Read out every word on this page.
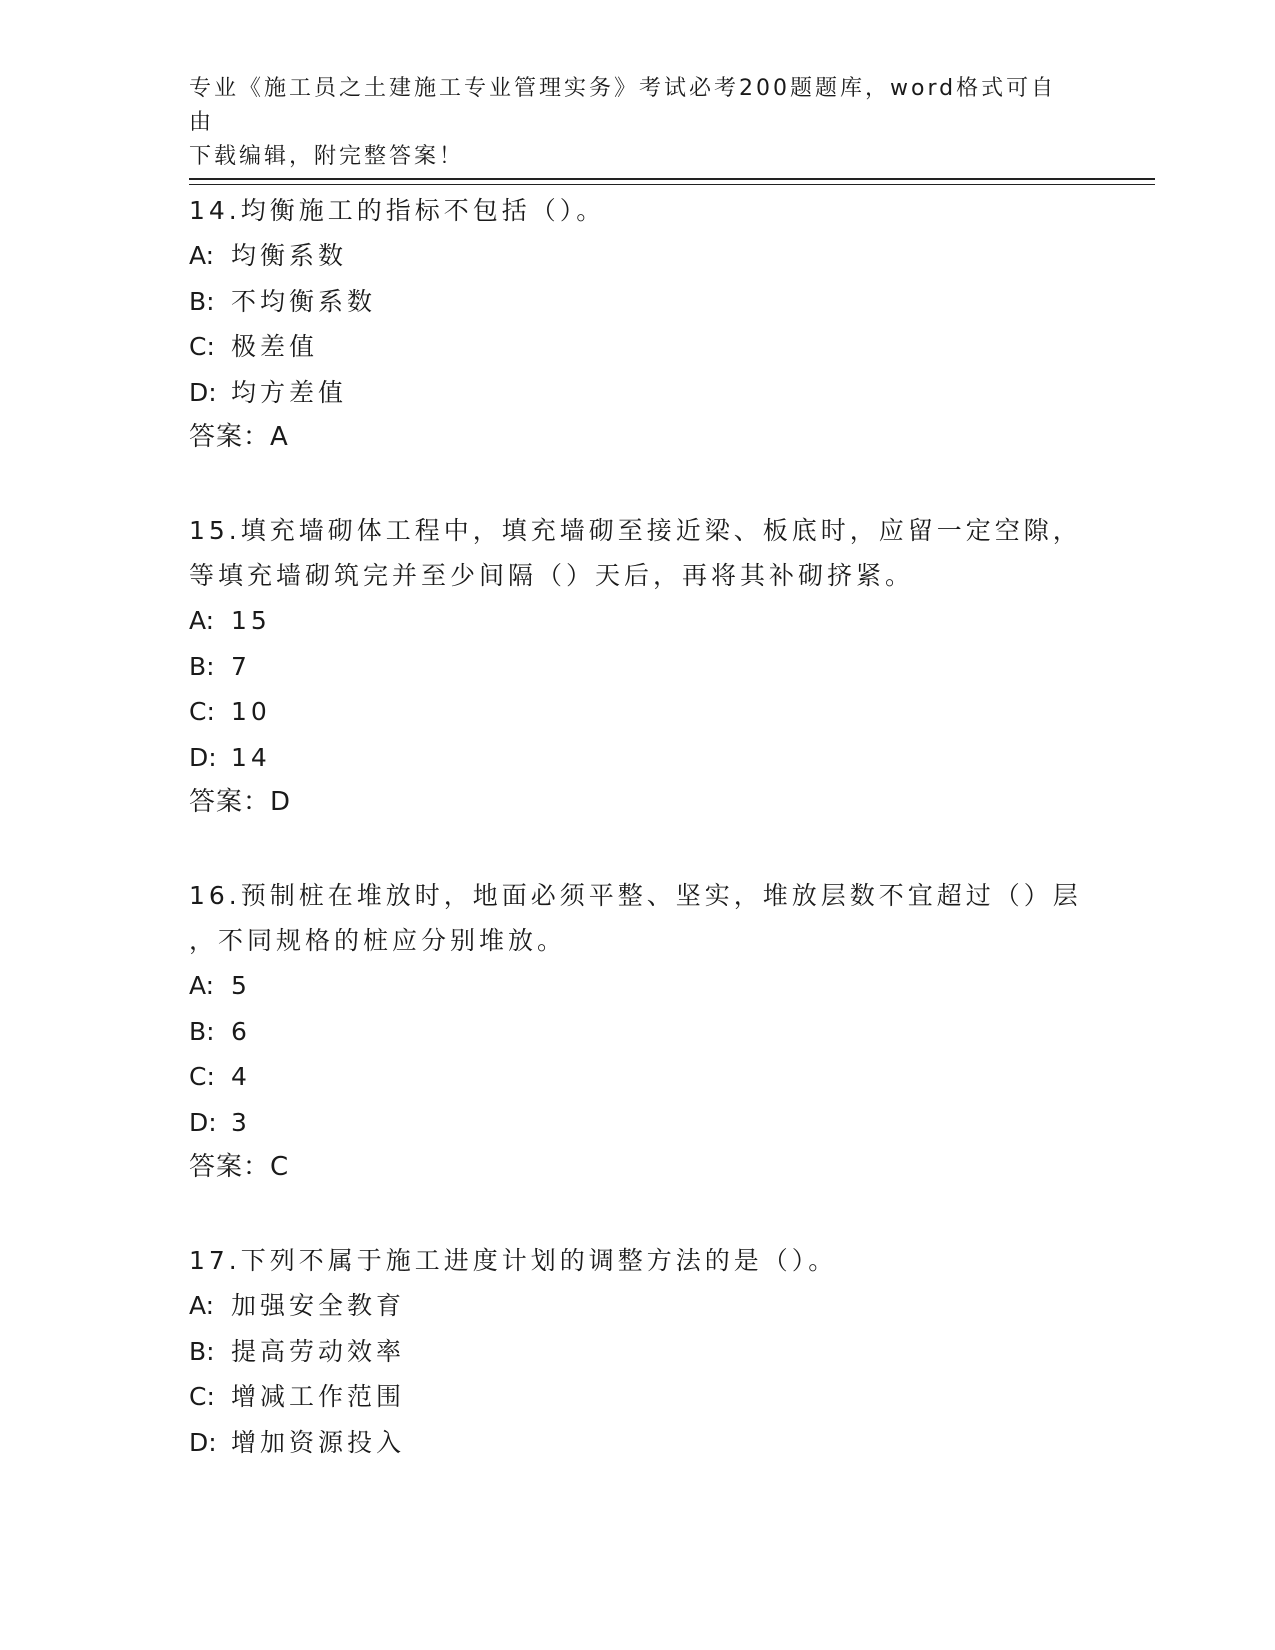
专业《施工员之土建施工专业管理实务》考试必考200题题库，word格式可自由
下载编辑，附完整答案！
14.均衡施工的指标不包括（）。
A: 均衡系数
B: 不均衡系数
C: 极差值
D: 均方差值
答案：A
15.填充墙砌体工程中，填充墙砌至接近梁、板底时，应留一定空隙，
等填充墙砌筑完并至少间隔（）天后，再将其补砌挤紧。
A: 15
B: 7
C: 10
D: 14
答案：D
16.预制桩在堆放时，地面必须平整、坚实，堆放层数不宜超过（）层
，不同规格的桩应分别堆放。
A: 5
B: 6
C: 4
D: 3
答案：C
17.下列不属于施工进度计划的调整方法的是（）。
A: 加强安全教育
B: 提高劳动效率
C: 增减工作范围
D: 增加资源投入
